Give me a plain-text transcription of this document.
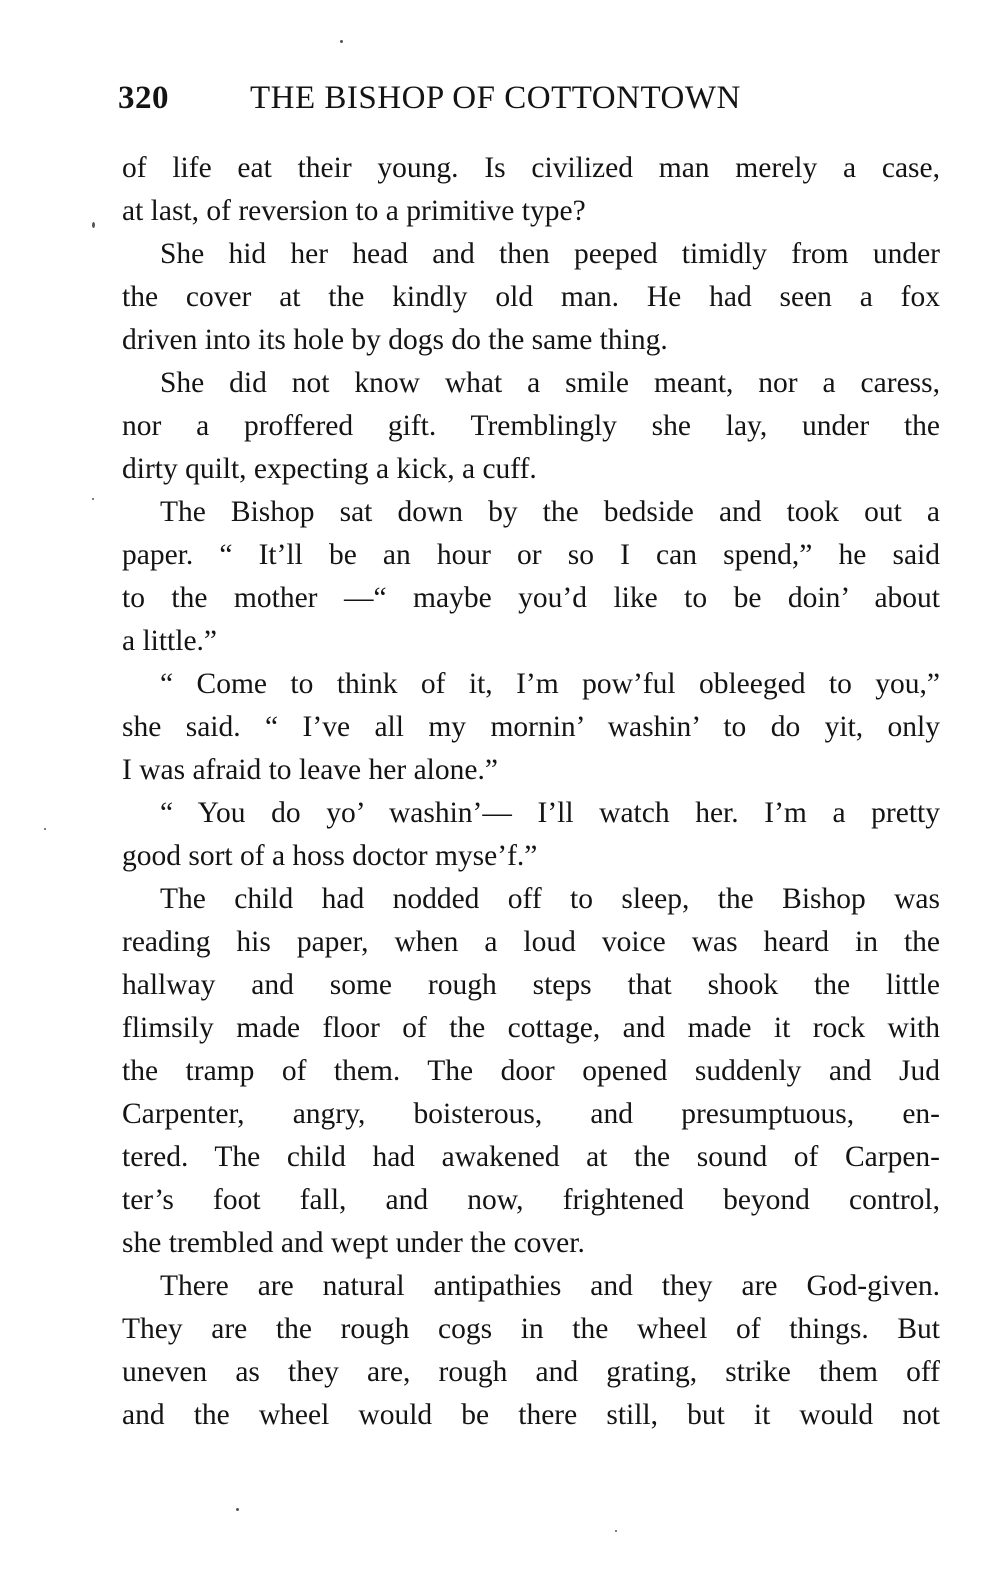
320 THE BISHOP OF COTTONTOWN
of life eat their young. Is civilized man merely a case,
at last, of reversion to a primitive type?
She hid her head and then peeped timidly from under
the cover at the kindly old man. He had seen a fox
driven into its hole by dogs do the same thing.
She did not know what a smile meant, nor a caress,
nor a proffered gift. Tremblingly she lay, under the
dirty quilt, expecting a kick, a cuff.
The Bishop sat down by the bedside and took out a
paper. “ It’ll be an hour or so I can spend,” he said
to the mother —“ maybe you’d like to be doin’ about
a little.”
“ Come to think of it, I’m pow’ful obleeged to you,”
she said. “ I’ve all my mornin’ washin’ to do yit, only
I was afraid to leave her alone.”
“ You do yo’ washin’— I’ll watch her. I’m a pretty
good sort of a hoss doctor myse’f.”
The child had nodded off to sleep, the Bishop was
reading his paper, when a loud voice was heard in the
hallway and some rough steps that shook the little
flimsily made floor of the cottage, and made it rock with
the tramp of them. The door opened suddenly and Jud
Carpenter, angry, boisterous, and presumptuous, en-
tered. The child had awakened at the sound of Carpen-
ter’s foot fall, and now, frightened beyond control,
she trembled and wept under the cover.
There are natural antipathies and they are God-given.
They are the rough cogs in the wheel of things. But
uneven as they are, rough and grating, strike them off
and the wheel would be there still, but it would not
